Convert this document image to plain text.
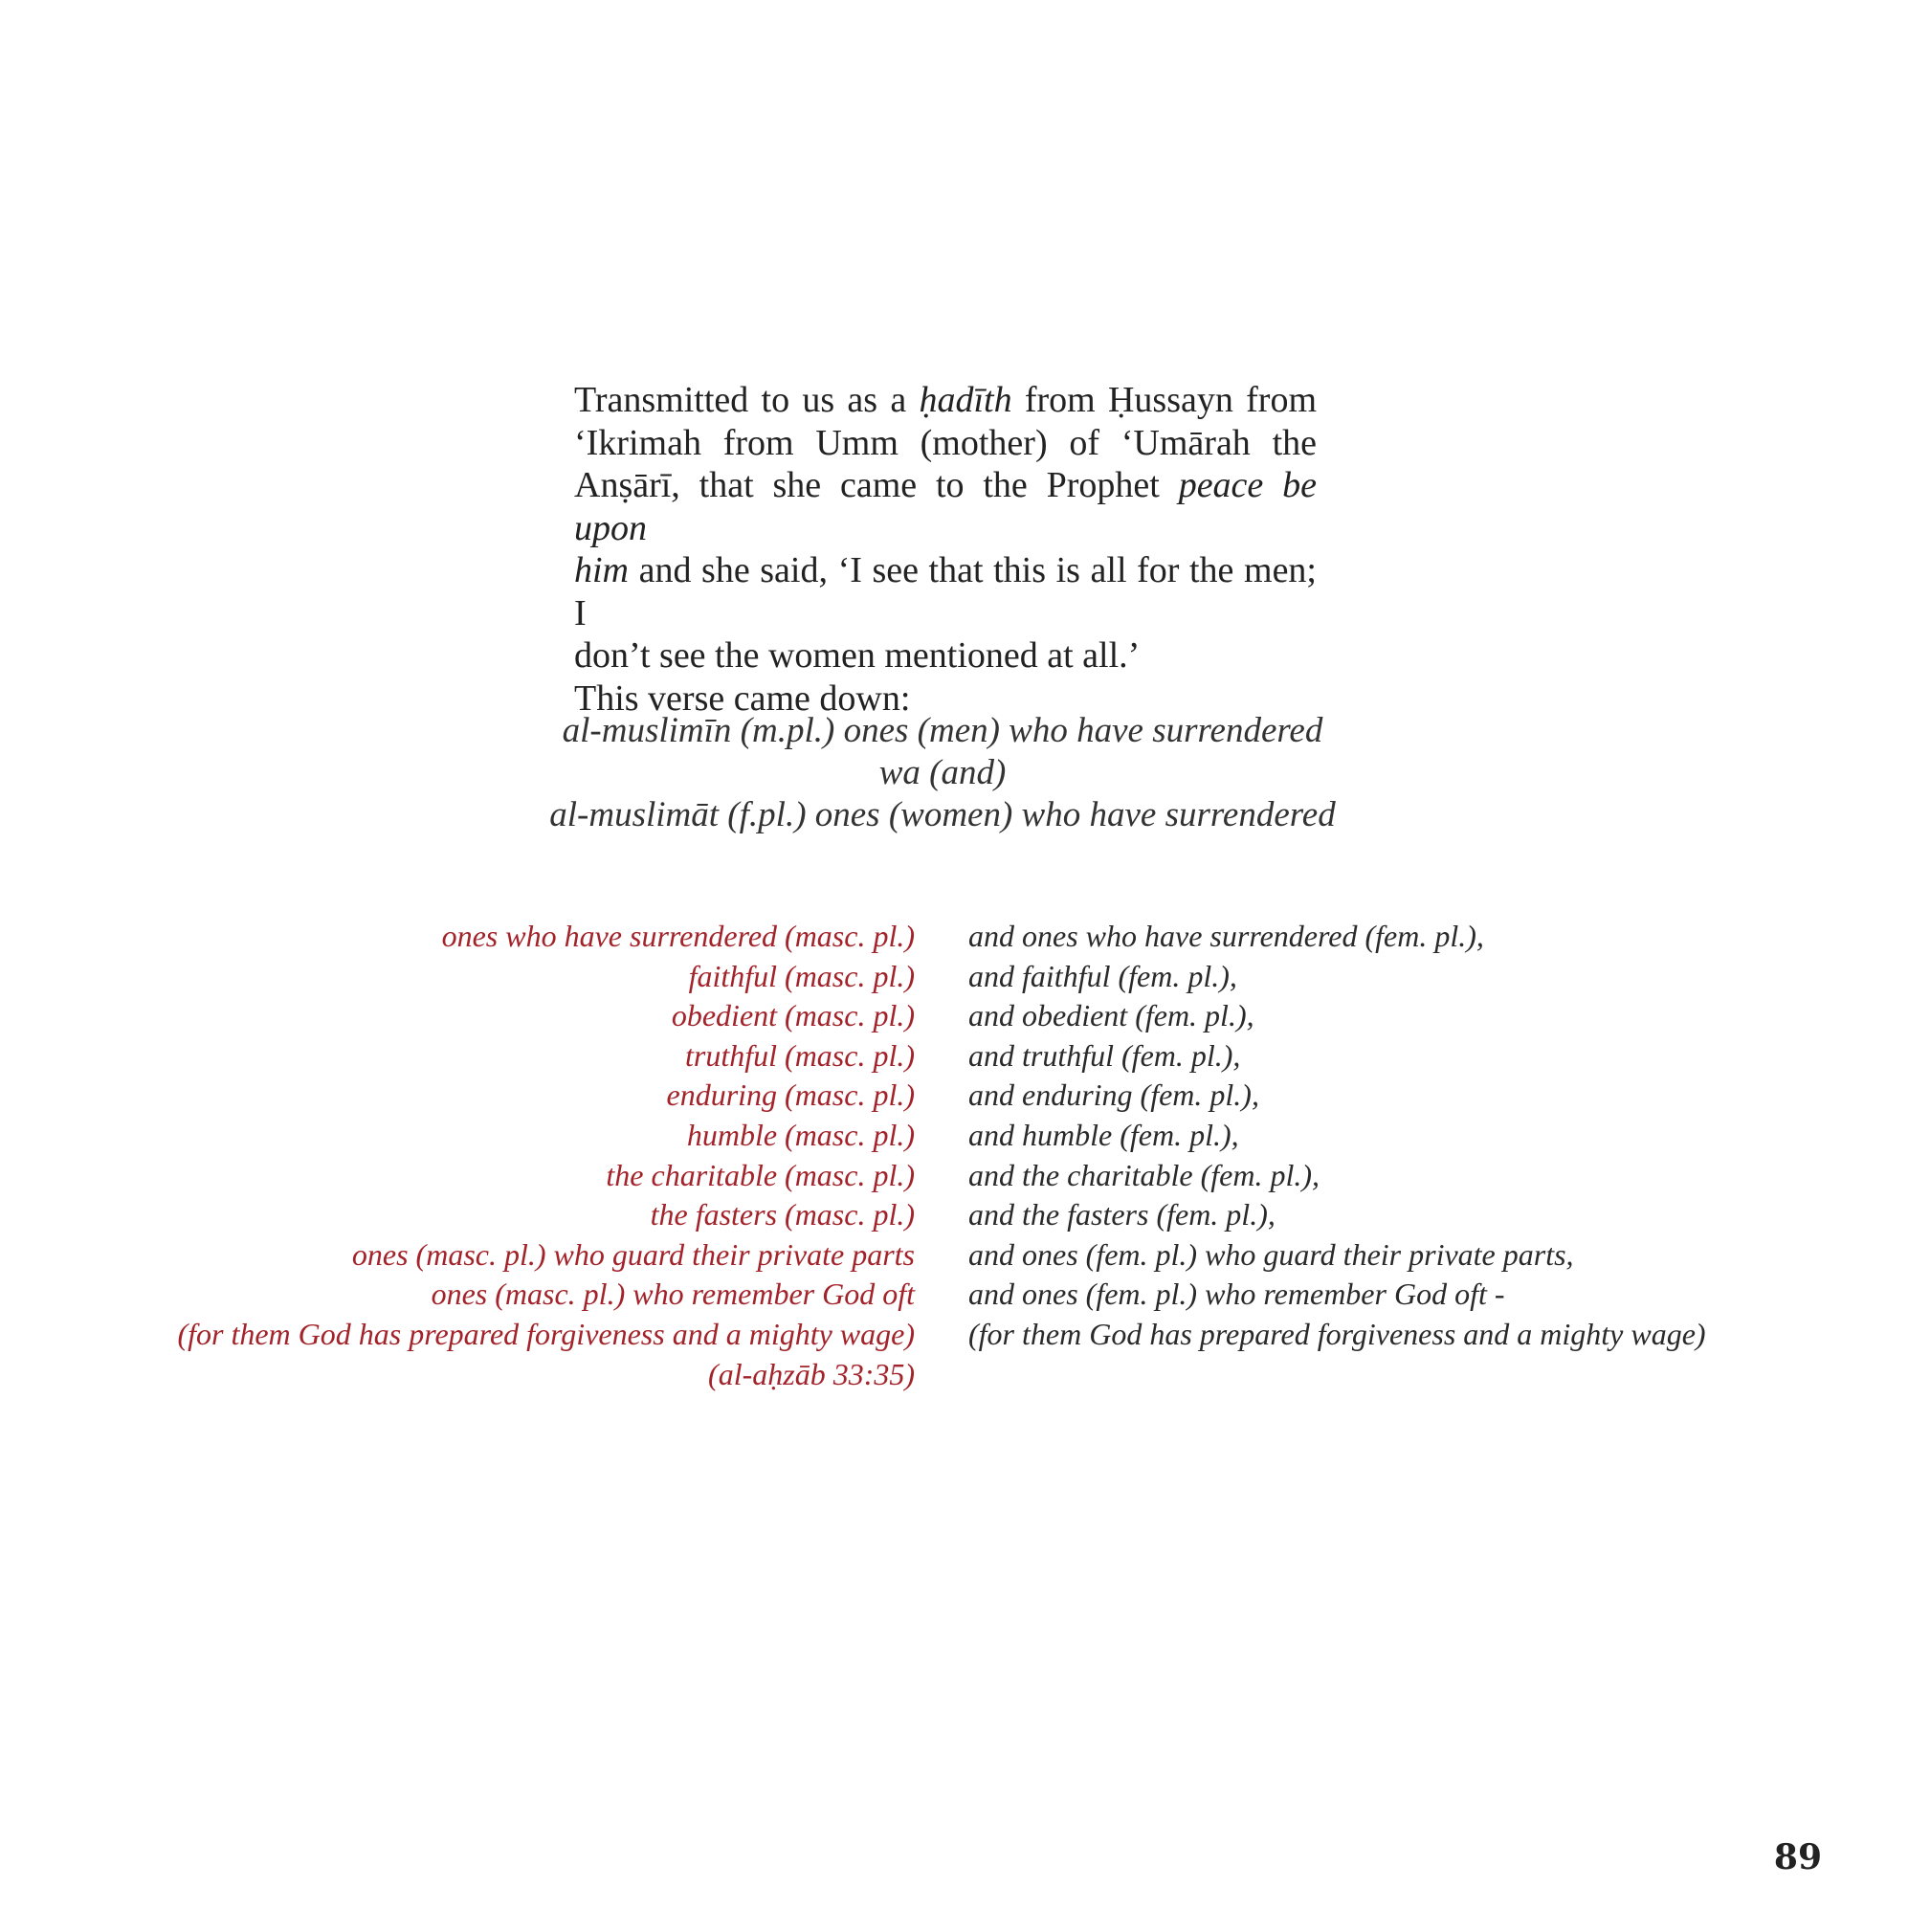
Transmitted to us as a ḥadīth from Ḥussayn from
‘Ikrimah from Umm (mother) of ‘Umārah the
Anṣārī, that she came to the Prophet peace be upon
him and she said, ‘I see that this is all for the men; I
don’t see the women mentioned at all.’

This verse came down:

al-muslimīn (m.pl.) ones (men) who have surrendered
wa (and)
al-muslimāt (f.pl.) ones (women) who have surrendered
ones who have surrendered (masc. pl.) and ones who have surrendered (fem. pl.),
faithful (masc. pl.) and faithful (fem. pl.),
obedient (masc. pl.) and obedient (fem. pl.),
truthful (masc. pl.) and truthful (fem. pl.),
enduring (masc. pl.) and enduring (fem. pl.),
humble (masc. pl.) and humble (fem. pl.),
the charitable (masc. pl.) and the charitable (fem. pl.),
the fasters (masc. pl.) and the fasters (fem. pl.),
ones (masc. pl.) who guard their private parts and ones (fem. pl.) who guard their private parts,
ones (masc. pl.) who remember God oft and ones (fem. pl.) who remember God oft -
(for them God has prepared forgiveness and a mighty wage) (for them God has prepared forgiveness and a mighty wage)
(al-aḥzāb 33:35)
89
